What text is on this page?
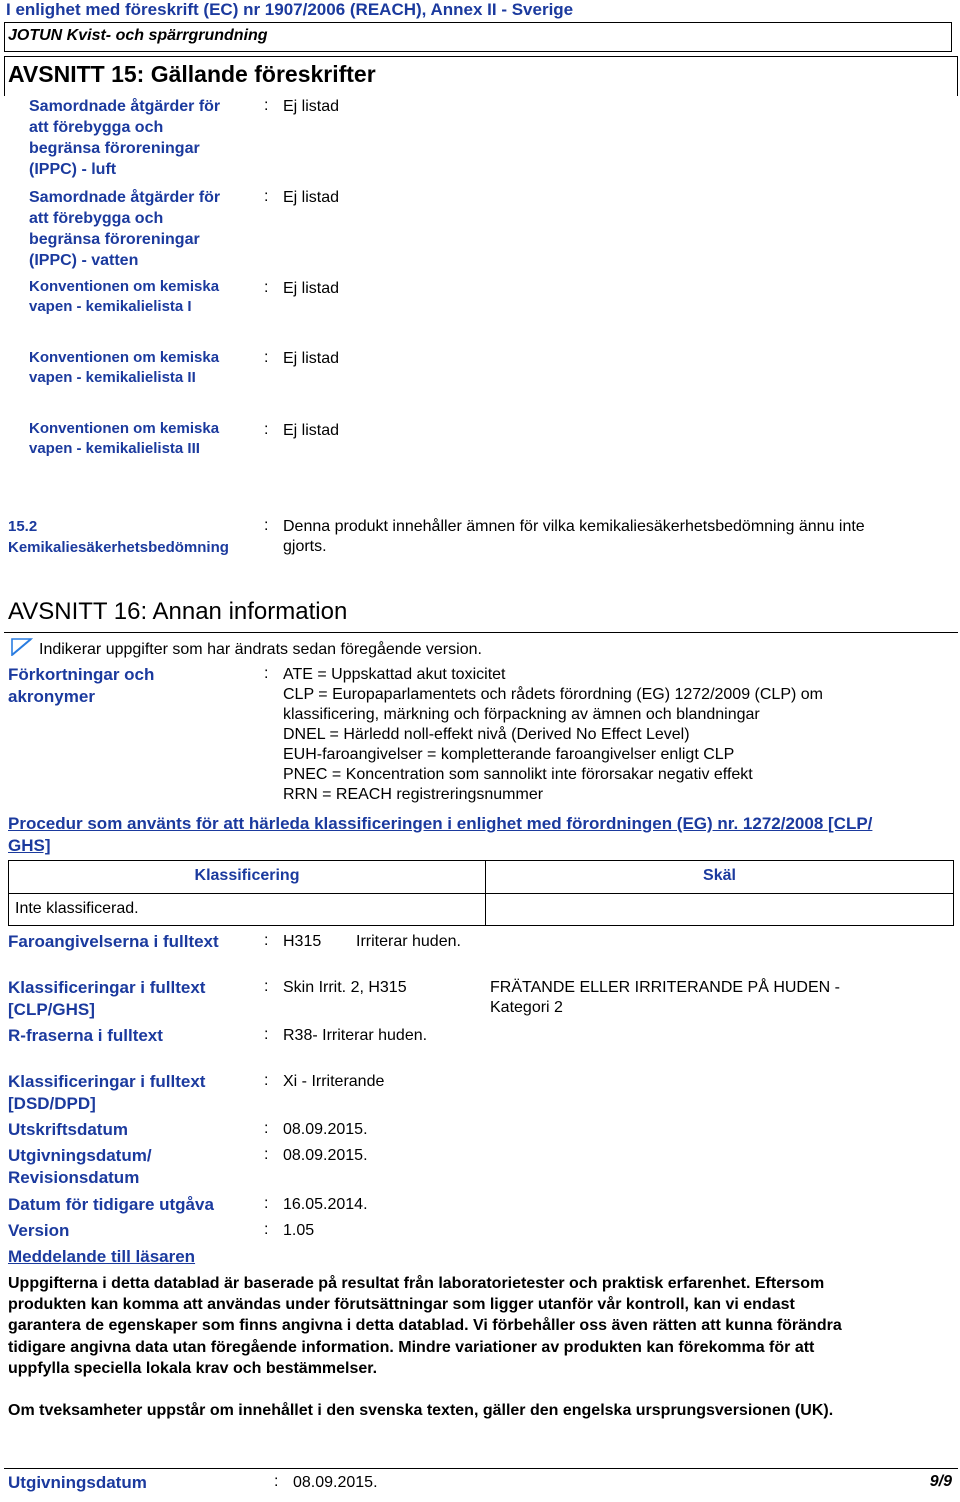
I enlighet med föreskrift (EC) nr 1907/2006 (REACH), Annex II - Sverige
JOTUN Kvist- och spärrgrundning
AVSNITT 15: Gällande föreskrifter
Samordnade åtgärder för
att förebygga och
begränsa föroreningar
(IPPC) - luft
: Ej listad
Samordnade åtgärder för
att förebygga och
begränsa föroreningar
(IPPC) - vatten
: Ej listad
Konventionen om kemiska
vapen - kemikalielista I
: Ej listad
Konventionen om kemiska
vapen - kemikalielista II
: Ej listad
Konventionen om kemiska
vapen - kemikalielista III
: Ej listad
15.2
Kemikaliesäkerhetsbedömning
: Denna produkt innehåller ämnen för vilka kemikaliesäkerhetsbedömning ännu inte
gjorts.
AVSNITT 16: Annan information
Indikerar uppgifter som har ändrats sedan föregående version.
Förkortningar och
akronymer
: ATE = Uppskattad akut toxicitet
CLP = Europaparlamentets och rådets förordning (EG) 1272/2009 (CLP) om
klassificering, märkning och förpackning av ämnen och blandningar
DNEL = Härledd noll-effekt nivå (Derived No Effect Level)
EUH-faroangivelser = kompletterande faroangivelser enligt CLP
PNEC = Koncentration som sannolikt inte förorsakar negativ effekt
RRN = REACH registreringsnummer
Procedur som använts för att härleda klassificeringen i enlighet med förordningen (EG) nr. 1272/2008 [CLP/
GHS]
Klassificering	Skäl
Inte klassificerad.	
Faroangivelserna i fulltext	: H315 Irriterar huden.
Klassificeringar i fulltext
[CLP/GHS]
: Skin Irrit. 2, H315	FRÄTANDE ELLER IRRITERANDE PÅ HUDEN -
Kategori 2
R-fraserna i fulltext	: R38- Irriterar huden.
Klassificeringar i fulltext
[DSD/DPD]
: Xi - Irriterande
Utskriftsdatum	: 08.09.2015.
Utgivningsdatum/
Revisionsdatum
: 08.09.2015.
Datum för tidigare utgåva	: 16.05.2014.
Version	: 1.05
Meddelande till läsaren
Uppgifterna i detta datablad är baserade på resultat från laboratorietester och praktisk erfarenhet. Eftersom
produkten kan komma att användas under förutsättningar som ligger utanför vår kontroll, kan vi endast
garantera de egenskaper som finns angivna i detta datablad. Vi förbehåller oss även rätten att kunna förändra
tidigare angivna data utan föregående information. Mindre variationer av produkten kan förekomma för att
uppfylla speciella lokala krav och bestämmelser.
Om tveksamheter uppstår om innehållet i den svenska texten, gäller den engelska ursprungsversionen (UK).
Utgivningsdatum	: 08.09.2015.	9/9
